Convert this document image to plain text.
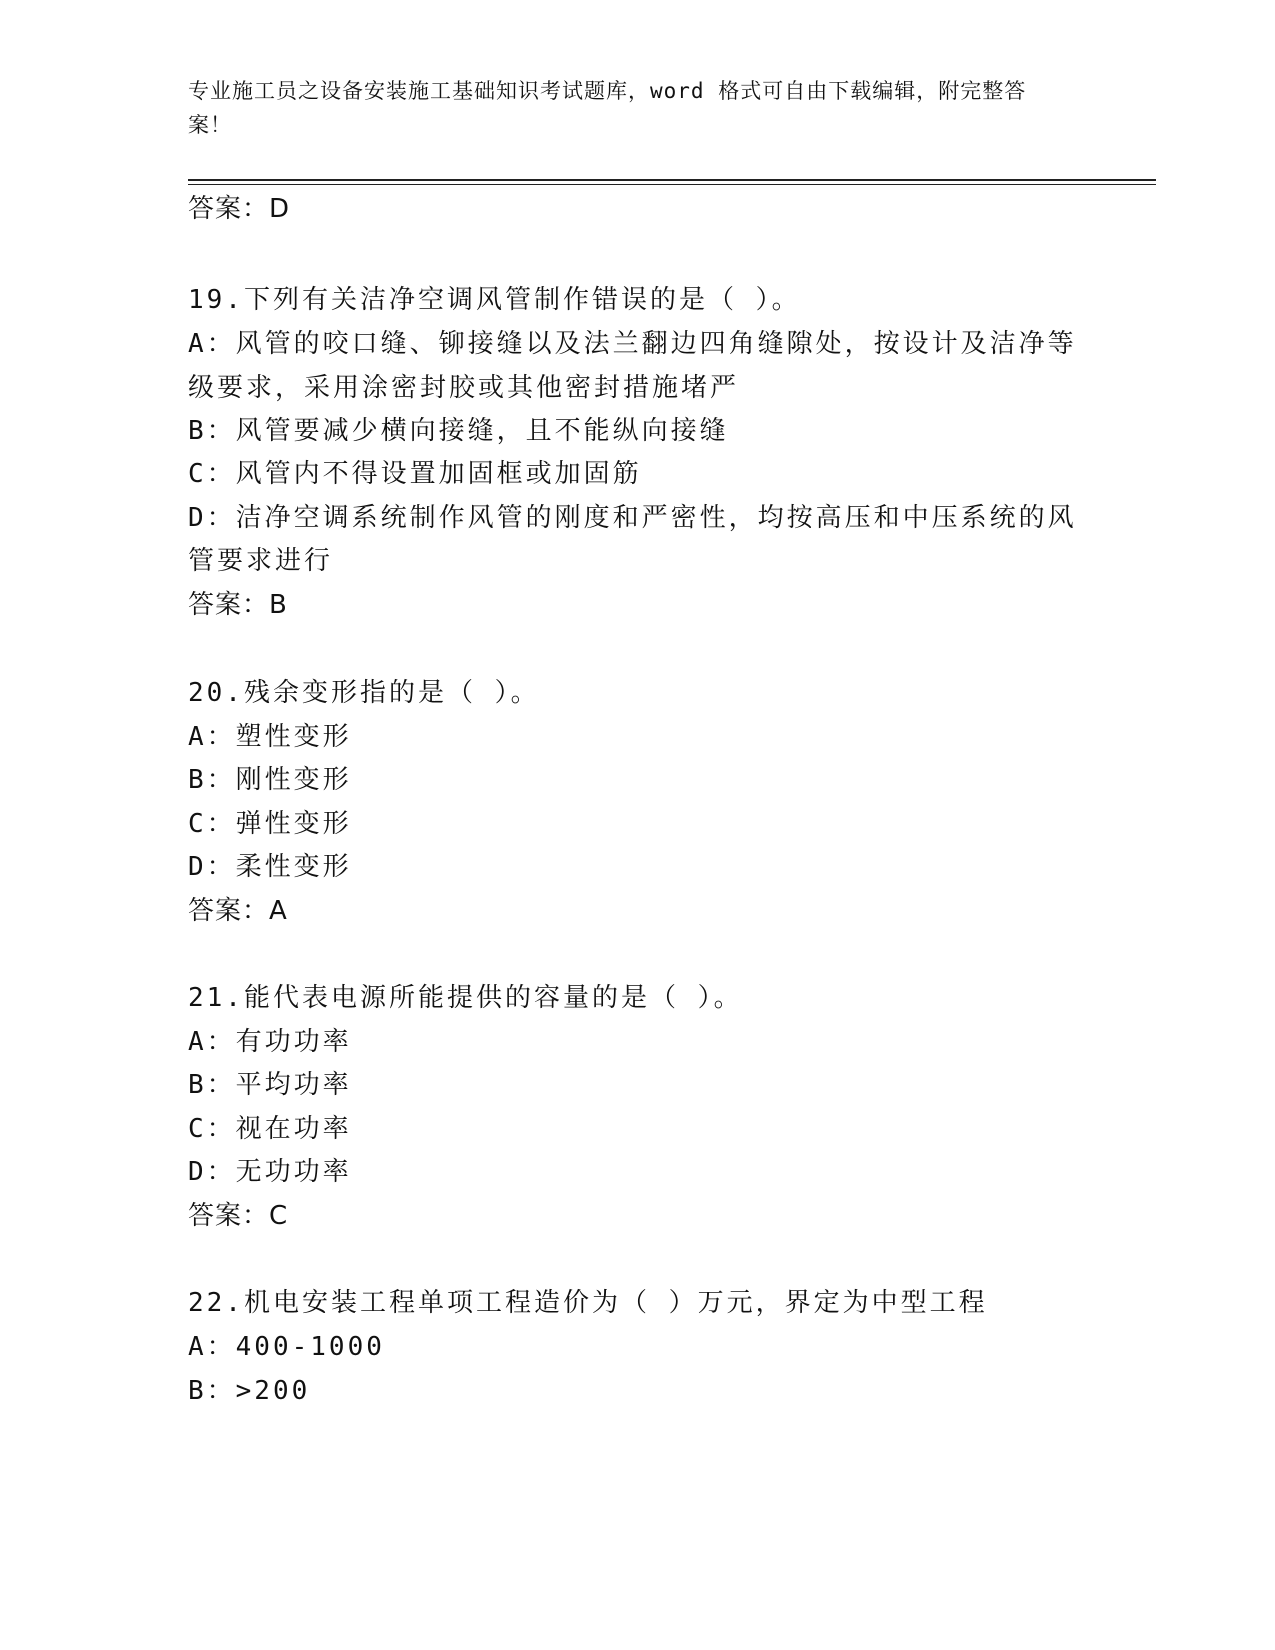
专业施工员之设备安装施工基础知识考试题库，word 格式可自由下载编辑，附完整答案！
答案：D
19.下列有关洁净空调风管制作错误的是（ ）。
A：风管的咬口缝、铆接缝以及法兰翻边四角缝隙处，按设计及洁净等
级要求，采用涂密封胶或其他密封措施堵严
B：风管要减少横向接缝，且不能纵向接缝
C：风管内不得设置加固框或加固筋
D：洁净空调系统制作风管的刚度和严密性，均按高压和中压系统的风
管要求进行
答案：B
20.残余变形指的是（ ）。
A：塑性变形
B：刚性变形
C：弹性变形
D：柔性变形
答案：A
21.能代表电源所能提供的容量的是（ ）。
A：有功功率
B：平均功率
C：视在功率
D：无功功率
答案：C
22.机电安装工程单项工程造价为（ ）万元，界定为中型工程
A：400-1000
B：>200
